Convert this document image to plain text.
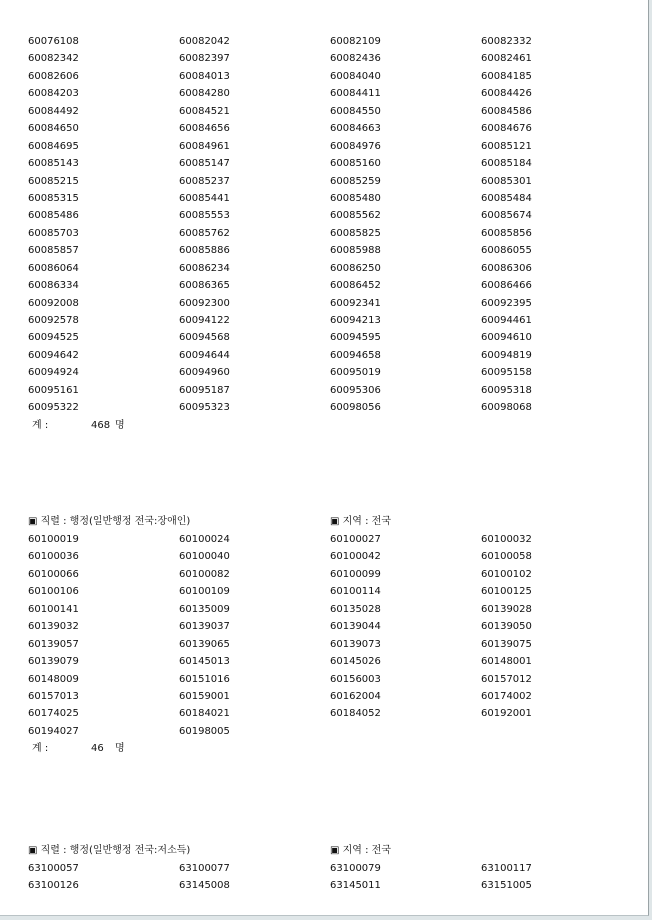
60076108	60082042	60082109	60082332
60082342	60082397	60082436	60082461
60082606	60084013	60084040	60084185
60084203	60084280	60084411	60084426
60084492	60084521	60084550	60084586
60084650	60084656	60084663	60084676
60084695	60084961	60084976	60085121
60085143	60085147	60085160	60085184
60085215	60085237	60085259	60085301
60085315	60085441	60085480	60085484
60085486	60085553	60085562	60085674
60085703	60085762	60085825	60085856
60085857	60085886	60085988	60086055
60086064	60086234	60086250	60086306
60086334	60086365	60086452	60086466
60092008	60092300	60092341	60092395
60092578	60094122	60094213	60094461
60094525	60094568	60094595	60094610
60094642	60094644	60094658	60094819
60094924	60094960	60095019	60095158
60095161	60095187	60095306	60095318
60095322	60095323	60098056	60098068
계 :	468 명
▣ 직렬 : 행정(일반행정 전국:장애인)	▣ 지역 : 전국
60100019	60100024	60100027	60100032
60100036	60100040	60100042	60100058
60100066	60100082	60100099	60100102
60100106	60100109	60100114	60100125
60100141	60135009	60135028	60139028
60139032	60139037	60139044	60139050
60139057	60139065	60139073	60139075
60139079	60145013	60145026	60148001
60148009	60151016	60156003	60157012
60157013	60159001	60162004	60174002
60174025	60184021	60184052	60192001
60194027	60198005
계 :	46 명
▣ 직렬 : 행정(일반행정 전국:저소득)	▣ 지역 : 전국
63100057	63100077	63100079	63100117
63100126	63145008	63145011	63151005
